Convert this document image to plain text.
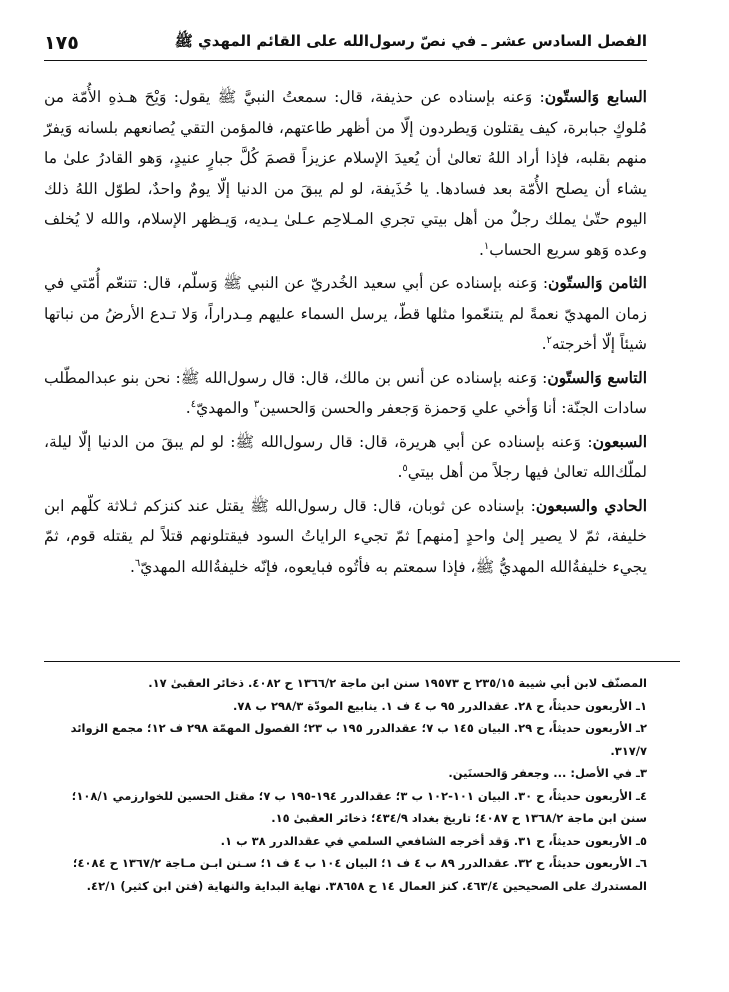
الفصل السادس عشر ـ في نصّ رسول‌الله على القائم المهدي ﷺ
١٧٥

السابع وَالستّون: وَعنه بإسناده عن حذيفة، قال: سمعتُ النبيَّ ﷺ يقول: وَيْحَ هـذهِ الأُمّة من مُلوكٍ جبابرة، كيف يقتلون وَيطردون إلّا من أظهر طاعتهم، فالمؤمن التقي يُصانعهم بلسانه وَيفرّ منهم بقلبه، فإذا أراد اللهُ تعالىٰ أن يُعيدَ الإسلام عزيزاً قصمَ كُلَّ جبارٍ عنيدٍ، وَهو القادرُ علىٰ ما يشاء أن يصلح الأُمّة بعد فسادها. يا حُذَيفة، لو لم يبقَ من الدنيا إلّا يومٌ واحدٌ، لطوّل اللهُ ذلك اليوم حتّىٰ يملك رجلٌ من أهل بيتي تجري المـلاحِم عـلىٰ يـديه، وَيـظهر الإسلام، والله لا يُخلف وعده وَهو سريع الحساب$^١$.

الثامن وَالستّون: وَعنه بإسناده عن أبي سعيد الخُدريّ عن النبي ﷺ وَسلّم، قال: تتنعّم أُمّتي في زمان المهديّ نعمةً لم يتنعّموا مثلها قطّ، يرسل السماء عليهم مِـدراراً، وَلا تـدع الأرضُ من نباتها شيئاً إلّا أخرجته$^٢$.

التاسع وَالستّون: وَعنه بإسناده عن أنس بن مالك، قال: قال رسول‌الله ﷺ: نحن بنو عبدالمطّلب سادات الجنّة: أنا وَأخي علي وَحمزة وَجعفر والحسن وَالحسين$^٣$ والمهديّ$^٤$.

السبعون: وَعنه بإسناده عن أبي هريرة، قال: قال رسول‌الله ﷺ: لو لم يبقَ من الدنيا إلّا ليلة، لملّك‌الله تعالىٰ فيها رجلاً من أهل بيتي$^٥$.

الحادي والسبعون: بإسناده عن ثوبان، قال: قال رسول‌الله ﷺ يقتل عند كنزكم ثـلاثة كلّهم ابن خليفة، ثمّ لا يصير إلىٰ واحدٍ [منهم] ثمّ تجيء الراياتُ السود فيقتلونهم قتلاً لم يقتله قوم، ثمّ يجيء خليفةُ‌الله المهديُّ ﷺ، فإذا سمعتم به فأتُوه فبايعوه، فإنّه خليفةُ‌الله المهديّ$^٦$.

المصنّف لابن أبي شيبة ٢٣٥/١٥ ح ١٩٥٧٣ سنن ابن ماجة ١٣٦٦/٢ ح ٤٠٨٢. ذخائر العقبىٰ ١٧.

١ـ الأربعون حديثاً، ح ٢٨. عقدالدرر ٩٥ ب ٤ ف ١. ينابيع المودّة ٢٩٨/٣ ب ٧٨.

٢ـ الأربعون حديثاً، ح ٢٩. البيان ١٤٥ ب ٧؛ عقدالدرر ١٩٥ ب ٢٣؛ الفصول المهمّة ٢٩٨ ف ١٢؛ مجمع الزوائد ٣١٧/٧.

٣ـ في الأصل: ... وجعفر وَالحسنَين.

٤ـ الأربعون حديثاً، ح ٣٠. البيان ١٠١-١٠٢ ب ٣؛ عقدالدرر ١٩٤-١٩٥ ب ٧؛ مقتل الحسين للخوارزمي ١٠٨/١؛ سنن ابن ماجة ١٣٦٨/٢ ح ٤٠٨٧؛ تاريخ بغداد ٤٣٤/٩؛ ذخائر العقبىٰ ١٥.

٥ـ الأربعون حديثاً، ح ٣١. وَقد أخرجه الشافعي السلمي في عقدالدرر ٣٨ ب ١.

٦ـ الأربعون حديثاً، ح ٣٢. عقدالدرر ٨٩ ب ٤ ف ١؛ البيان ١٠٤ ب ٤ ف ١؛ سـنن ابـن مـاجة ١٣٦٧/٢ ح ٤٠٨٤؛ المستدرك على الصحيحين ٤٦٣/٤. كنز العمال ١٤ ح ٣٨٦٥٨. نهاية البداية والنهاية (فتن ابن كثير) ٤٢/١.
